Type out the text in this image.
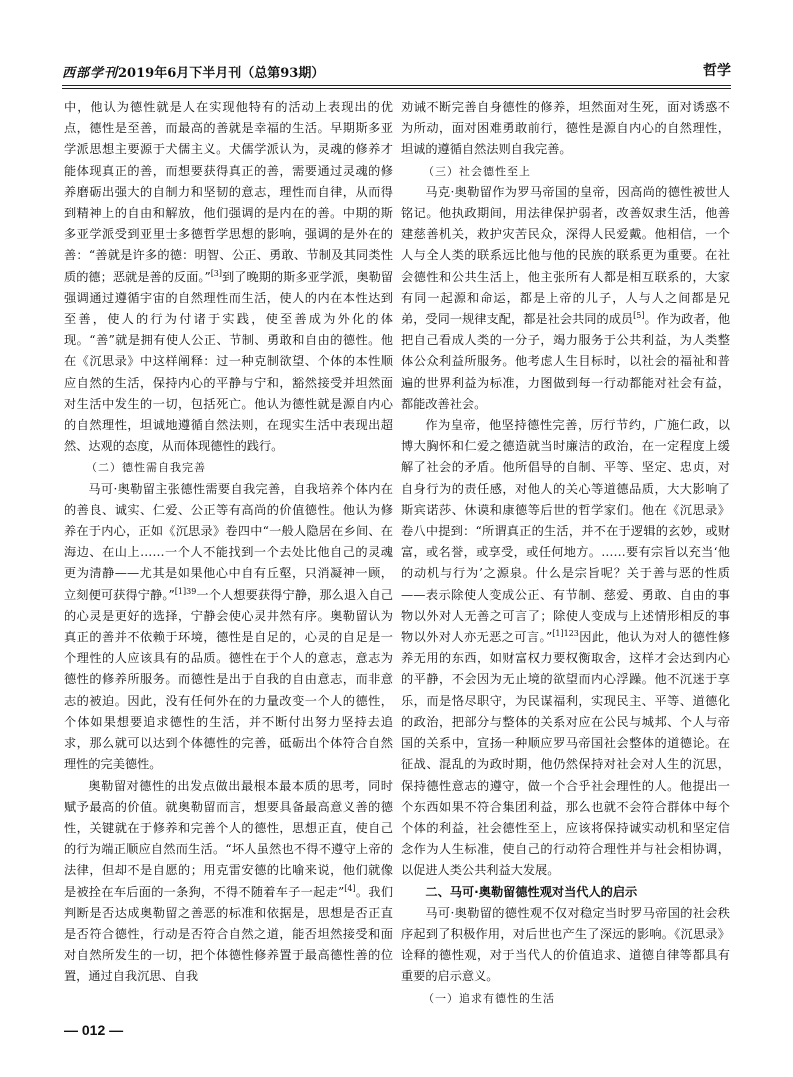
西部学刊2019年6月下半月刊（总第93期）	哲学

中，他认为德性就是人在实现他特有的活动上表现出的优点，德性是至善，而最高的善就是幸福的生活。早期斯多亚学派思想主要源于犬儒主义。犬儒学派认为，灵魂的修养才能体现真正的善，而想要获得真正的善，需要通过灵魂的修养磨砺出强大的自制力和坚韧的意志，理性而自律，从而得到精神上的自由和解放，他们强调的是内在的善。中期的斯多亚学派受到亚里士多德哲学思想的影响，强调的是外在的善：“善就是许多的德：明智、公正、勇敢、节制及其同类性质的德；恶就是善的反面。”[3]到了晚期的斯多亚学派，奥勒留强调通过遵循宇宙的自然理性而生活，使人的内在本性达到至善，使人的行为付诸于实践，使至善成为外化的体现。“善”就是拥有使人公正、节制、勇敢和自由的德性。他在《沉思录》中这样阐释：过一种克制欲望、个体的本性顺应自然的生活，保持内心的平静与宁和，豁然接受并坦然面对生活中发生的一切，包括死亡。他认为德性就是源自内心的自然理性，坦诚地遵循自然法则，在现实生活中表现出超然、达观的态度，从而体现德性的践行。

（二）德性需自我完善

马可·奥勒留主张德性需要自我完善，自我培养个体内在的善良、诚实、仁爱、公正等有高尚的价值德性。他认为修养在于内心，正如《沉思录》卷四中“一般人隐居在乡间、在海边、在山上……一个人不能找到一个去处比他自己的灵魂更为清静——尤其是如果他心中自有丘壑，只消凝神一顾，立刻便可获得宁静。”$^{[1]39}$一个人想要获得宁静，那么退入自己的心灵是更好的选择，宁静会使心灵井然有序。奥勒留认为真正的善并不依赖于环境，德性是自足的，心灵的自足是一个理性的人应该具有的品质。德性在于个人的意志，意志为德性的修养所服务。而德性是出于自我的自由意志，而非意志的被迫。因此，没有任何外在的力量改变一个人的德性，个体如果想要追求德性的生活，并不断付出努力坚持去追求，那么就可以达到个体德性的完善，砥砺出个体符合自然理性的完美德性。

奥勒留对德性的出发点做出最根本最本质的思考，同时赋予最高的价值。就奥勒留而言，想要具备最高意义善的德性，关键就在于修养和完善个人的德性，思想正直，使自己的行为端正顺应自然而生活。“坏人虽然也不得不遵守上帝的法律，但却不是自愿的；用克雷安德的比喻来说，他们就像是被拴在车后面的一条狗，不得不随着车子一起走”[4]。我们判断是否达成奥勒留之善恶的标准和依据是，思想是否正直是否符合德性，行动是否符合自然之道，能否坦然接受和面对自然所发生的一切，把个体德性修养置于最高德性善的位置，通过自我沉思、自我

劝诫不断完善自身德性的修养，坦然面对生死，面对诱惑不为所动，面对困难勇敢前行，德性是源自内心的自然理性，坦诚的遵循自然法则自我完善。

（三）社会德性至上

马克·奥勒留作为罗马帝国的皇帝，因高尚的德性被世人铭记。他执政期间，用法律保护弱者，改善奴隶生活，他善建慈善机关，救护灾苦民众，深得人民爱戴。他相信，一个人与全人类的联系远比他与他的民族的联系更为重要。在社会德性和公共生活上，他主张所有人都是相互联系的，大家有同一起源和命运，都是上帝的儿子，人与人之间都是兄弟，受同一规律支配，都是社会共同的成员[5]。作为政者，他把自己看成人类的一分子，竭力服务于公共利益，为人类整体公众利益所服务。他考虑人生目标时，以社会的福祉和普遍的世界利益为标准，力图做到每一行动都能对社会有益，都能改善社会。

作为皇帝，他坚持德性完善，厉行节约，广施仁政，以博大胸怀和仁爱之德造就当时廉洁的政治，在一定程度上缓解了社会的矛盾。他所倡导的自制、平等、坚定、忠贞，对自身行为的责任感，对他人的关心等道德品质，大大影响了斯宾诺莎、休谟和康德等后世的哲学家们。他在《沉思录》卷八中提到：“所谓真正的生活，并不在于逻辑的玄妙，或财富，或名誉，或享受，或任何地方。……要有宗旨以充当‘他的动机与行为’之源泉。什么是宗旨呢？关于善与恶的性质——表示除使人变成公正、有节制、慈爱、勇敢、自由的事物以外对人无善之可言了；除使人变成与上述情形相反的事物以外对人亦无恶之可言。”$^{[1]123}$因此，他认为对人的德性修养无用的东西，如财富权力要权衡取舍，这样才会达到内心的平静，不会因为无止境的欲望而内心浮躁。他不沉迷于享乐，而是恪尽职守，为民谋福利，实现民主、平等、道德化的政治，把部分与整体的关系对应在公民与城邦、个人与帝国的关系中，宣扬一种顺应罗马帝国社会整体的道德论。在征战、混乱的为政时期，他仍然保持对社会对人生的沉思，保持德性意志的遵守，做一个合乎社会理性的人。他提出一个东西如果不符合集团利益，那么也就不会符合群体中每个个体的利益，社会德性至上，应该将保持诚实动机和坚定信念作为人生标准，使自己的行动符合理性并与社会相协调，以促进人类公共利益大发展。

二、马可·奥勒留德性观对当代人的启示

马可·奥勒留的德性观不仅对稳定当时罗马帝国的社会秩序起到了积极作用，对后世也产生了深远的影响。《沉思录》诠释的德性观，对于当代人的价值追求、道德自律等都具有重要的启示意义。

（一）追求有德性的生活

— 012 —
